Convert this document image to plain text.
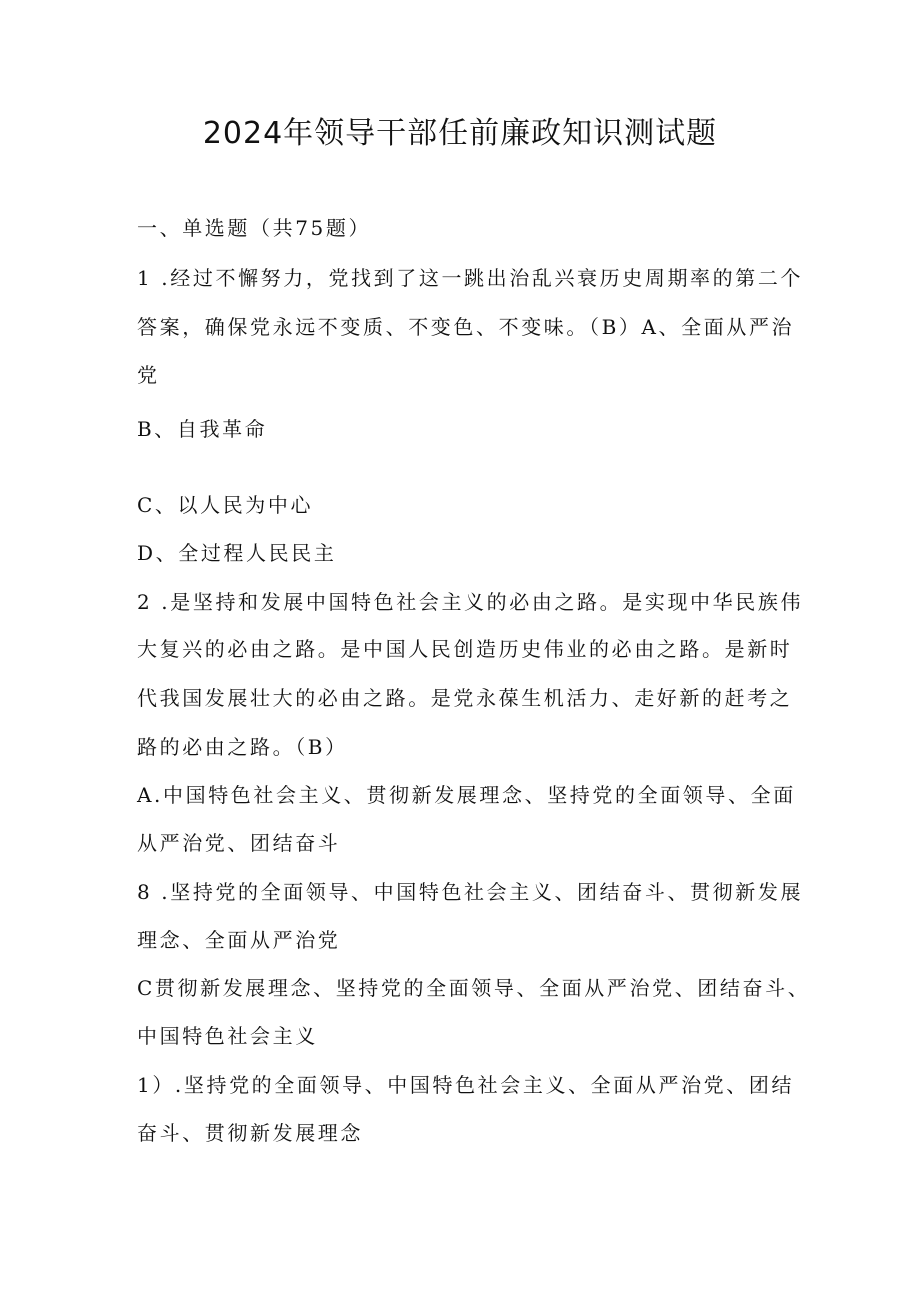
2024年领导干部任前廉政知识测试题
一、单选题（共75题）
1 .经过不懈努力，党找到了这一跳出治乱兴衰历史周期率的第二个
答案，确保党永远不变质、不变色、不变味。（B）A、全面从严治
党
B、自我革命
C、以人民为中心
D、全过程人民民主
2 .是坚持和发展中国特色社会主义的必由之路。是实现中华民族伟
大复兴的必由之路。是中国人民创造历史伟业的必由之路。是新时
代我国发展壮大的必由之路。是党永葆生机活力、走好新的赶考之
路的必由之路。（B）
A.中国特色社会主义、贯彻新发展理念、坚持党的全面领导、全面
从严治党、团结奋斗
8 .坚持党的全面领导、中国特色社会主义、团结奋斗、贯彻新发展
理念、全面从严治党
C贯彻新发展理念、坚持党的全面领导、全面从严治党、团结奋斗、
中国特色社会主义
1）.坚持党的全面领导、中国特色社会主义、全面从严治党、团结
奋斗、贯彻新发展理念
